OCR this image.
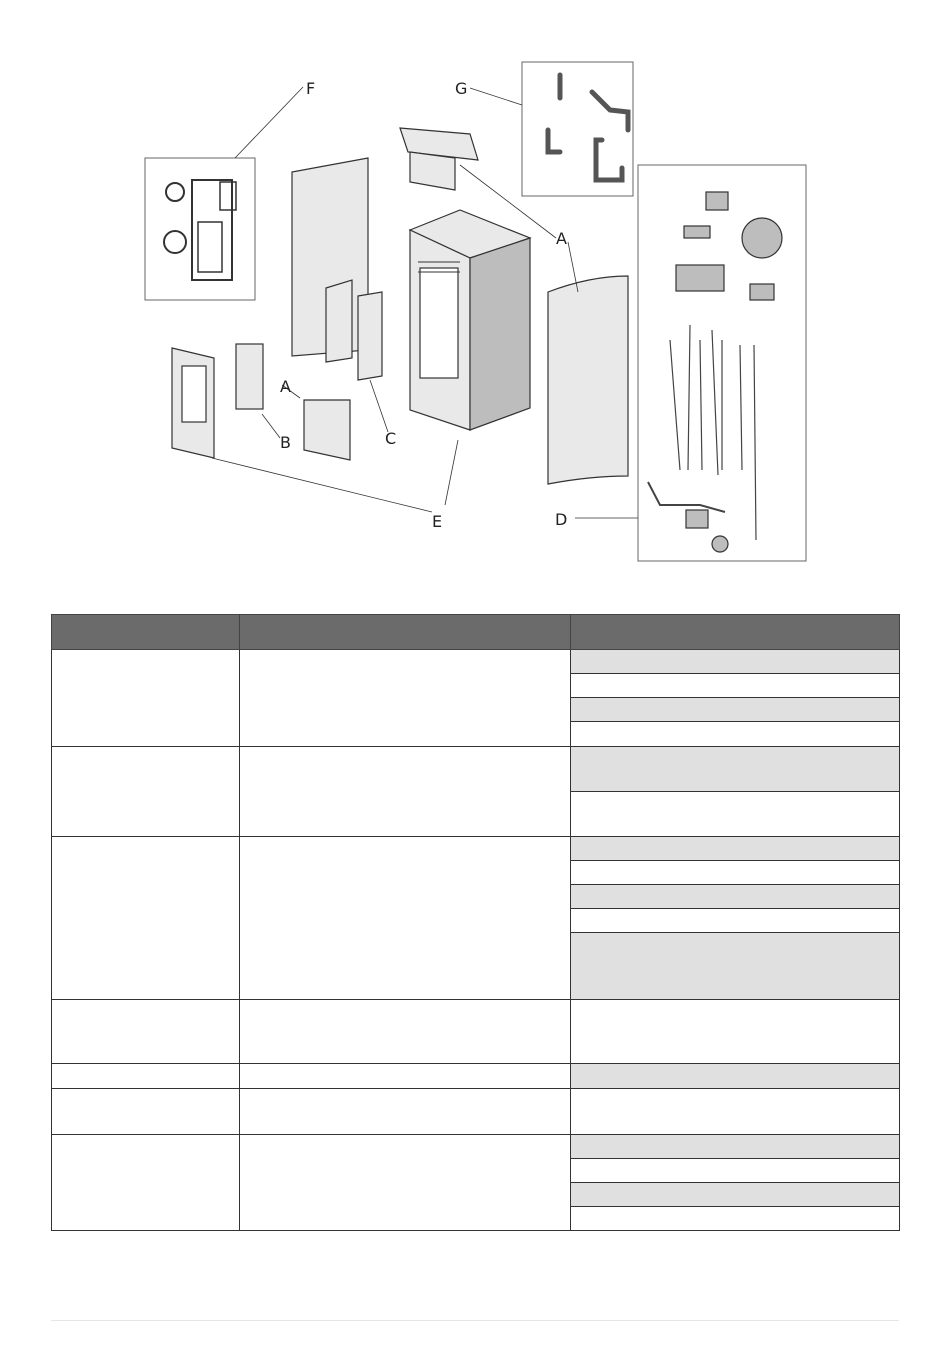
F	G
A
A
B	C
D
E
